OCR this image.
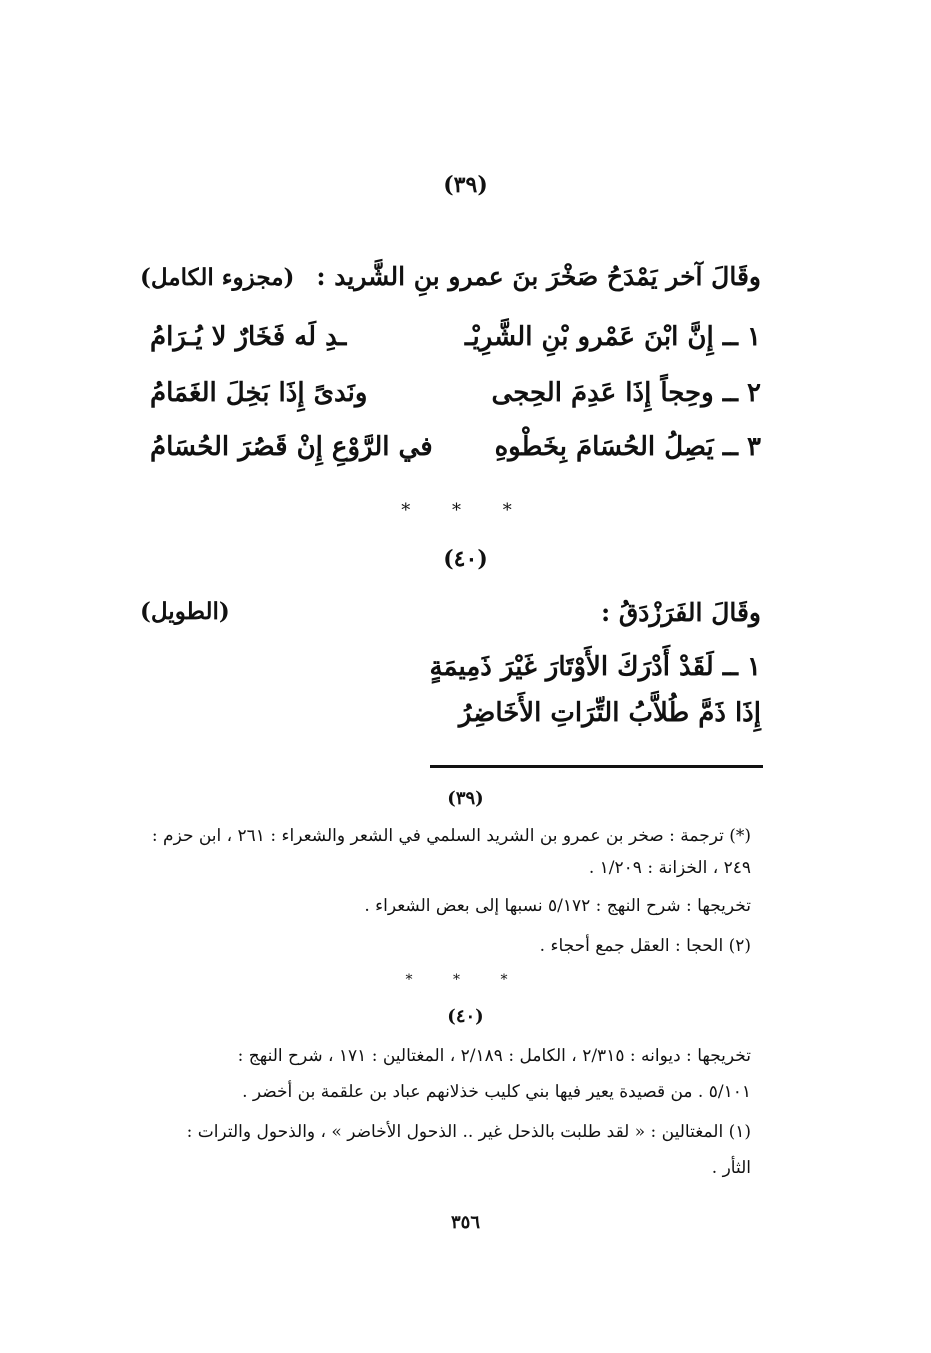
(٣٩)
وقَالَ آخر يَمْدَحُ صَخْرَ بنَ عمرو بنِ الشَّريد :
(مجزوء الكامل)
١ ــ إِنَّ ابْنَ عَمْرو بْنِ الشَّرِيْـ
ـدِ لَه فَخَارٌ لا يُـرَامُ
٢ ــ وحِجاً إِذَا عَدِمَ الحِجى
ونَدىً إِذَا بَخِلَ الغَمَامُ
٣ ــ يَصِلُ الحُسَامَ بِخَطْوهِ
في الرَّوْعِ إِنْ قَصُرَ الحُسَامُ
* * *
(٤٠)
وقَالَ الفَرَزْدَقُ :
(الطويل)
١ ــ لَقَدْ أَدْرَكَ الأَوْتَارَ غَيْرَ ذَمِيمَةٍ
إِذَا ذَمَّ طُلاَّبُ التِّرَاتِ الأَخَاضِرُ
(٣٩)
(*) ترجمة : صخر بن عمرو بن الشريد السلمي في الشعر والشعراء : ٢٦١ ، ابن حزم :
٢٤٩ ، الخزانة : ١/٢٠٩ .
تخريجها : شرح النهج : ٥/١٧٢ نسبها إلى بعض الشعراء .
(٢) الحجا : العقل جمع أحجاء .
* * *
(٤٠)
تخريجها : ديوانه : ٢/٣١٥ ، الكامل : ٢/١٨٩ ، المغتالين : ١٧١ ، شرح النهج :
٥/١٠١ . من قصيدة يعير فيها بني كليب خذلانهم عباد بن علقمة بن أخضر .
(١) المغتالين : « لقد طلبت بالذحل غير .. الذحول الأخاضر » ، والذحول والترات :
الثأر .
٣٥٦
